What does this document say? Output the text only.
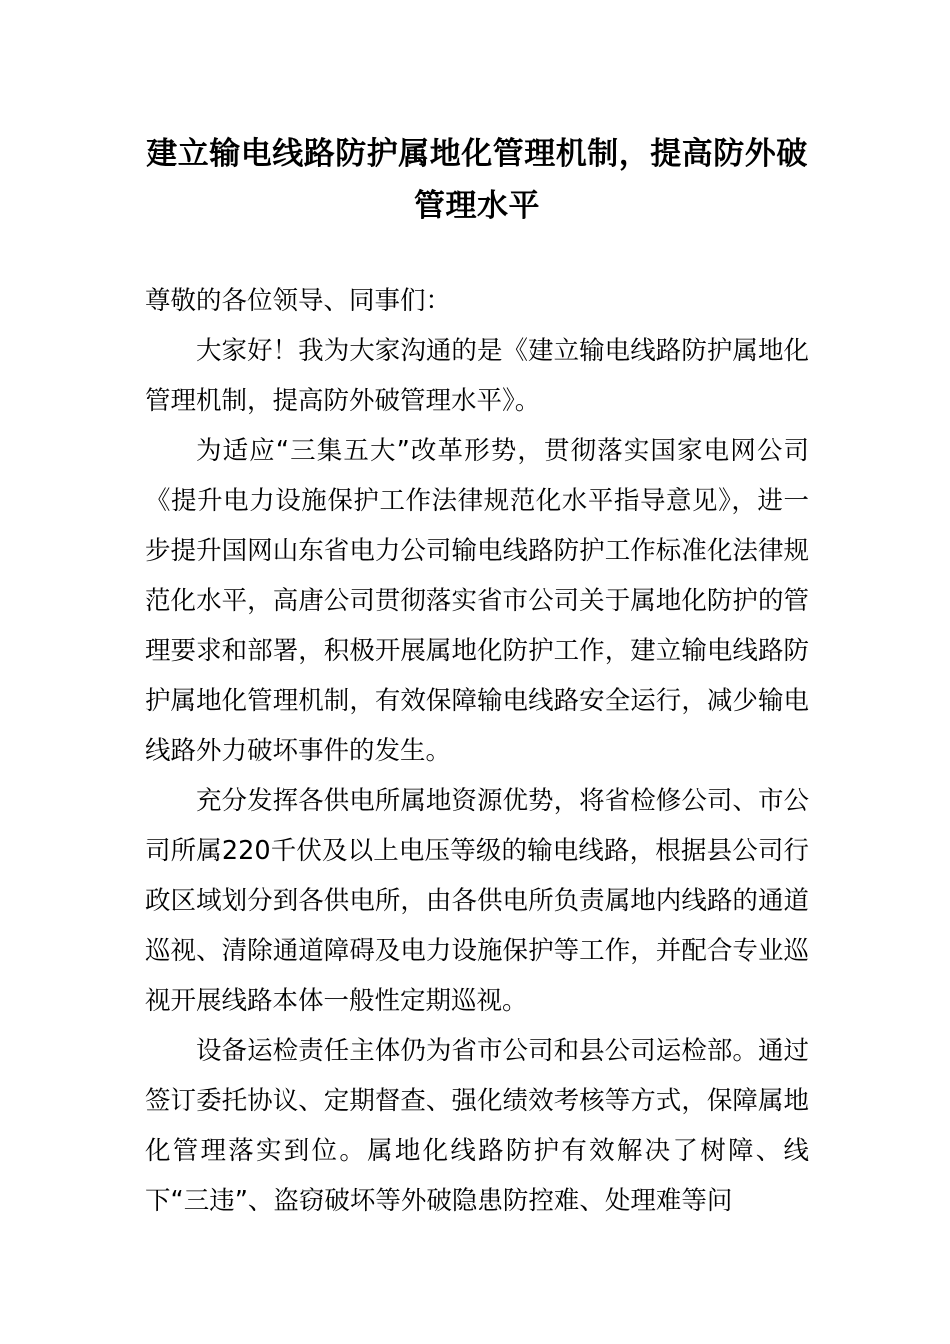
建立输电线路防护属地化管理机制，提高防外破管理水平

尊敬的各位领导、同事们：

大家好！我为大家沟通的是《建立输电线路防护属地化管理机制，提高防外破管理水平》。

为适应“三集五大”改革形势，贯彻落实国家电网公司《提升电力设施保护工作法律规范化水平指导意见》，进一步提升国网山东省电力公司输电线路防护工作标准化法律规范化水平，高唐公司贯彻落实省市公司关于属地化防护的管理要求和部署，积极开展属地化防护工作，建立输电线路防护属地化管理机制，有效保障输电线路安全运行，减少输电线路外力破坏事件的发生。

充分发挥各供电所属地资源优势，将省检修公司、市公司所属220千伏及以上电压等级的输电线路，根据县公司行政区域划分到各供电所，由各供电所负责属地内线路的通道巡视、清除通道障碍及电力设施保护等工作，并配合专业巡视开展线路本体一般性定期巡视。

设备运检责任主体仍为省市公司和县公司运检部。通过签订委托协议、定期督查、强化绩效考核等方式，保障属地化管理落实到位。属地化线路防护有效解决了树障、线下“三违”、盗窃破坏等外破隐患防控难、处理难等问
